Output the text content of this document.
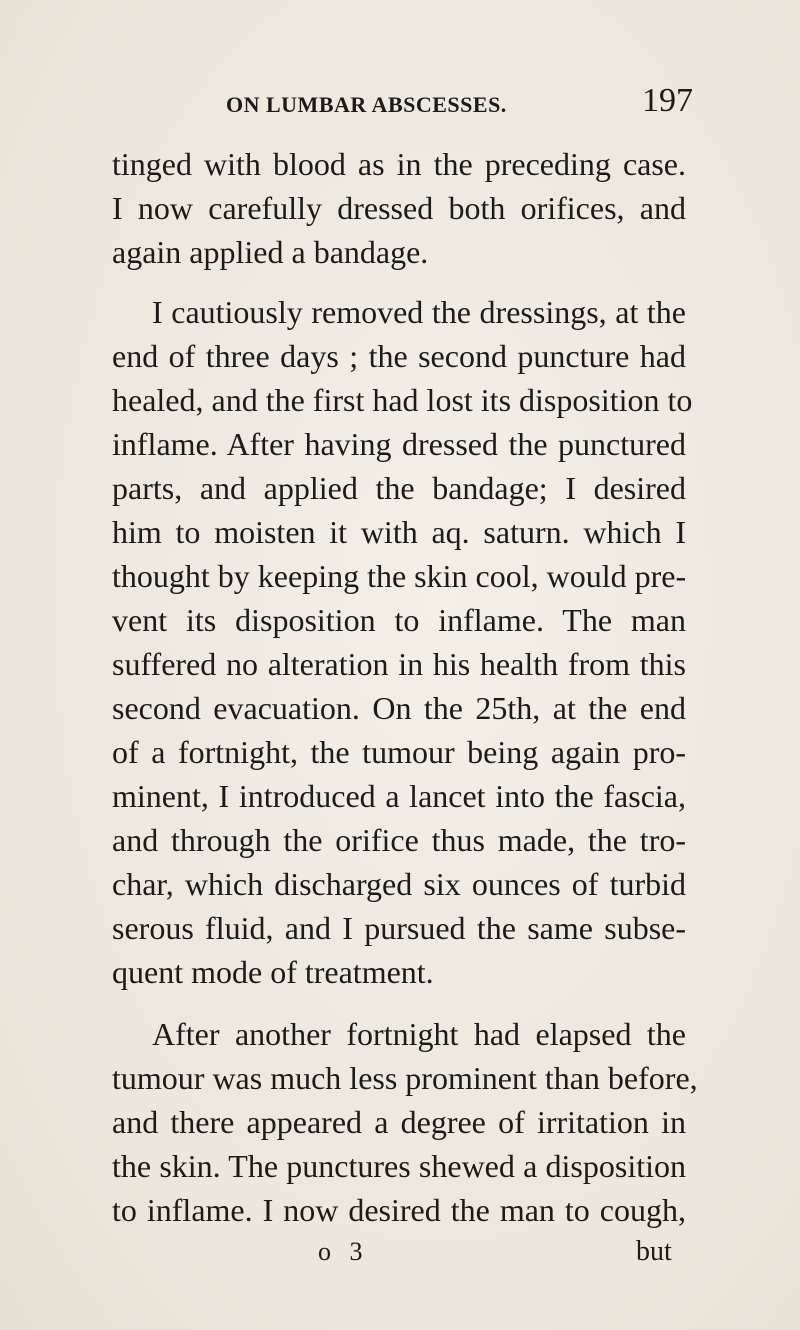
ON LUMBAR ABSCESSES.	197
tinged with blood as in the preceding case.
I now carefully dressed both orifices, and
again applied a bandage.
I cautiously removed the dressings, at the
end of three days ; the second puncture had
healed, and the first had lost its disposition to
inflame. After having dressed the punctured
parts, and applied the bandage; I desired
him to moisten it with aq. saturn. which I
thought by keeping the skin cool, would pre-
vent its disposition to inflame. The man
suffered no alteration in his health from this
second evacuation. On the 25th, at the end
of a fortnight, the tumour being again pro-
minent, I introduced a lancet into the fascia,
and through the orifice thus made, the tro-
char, which discharged six ounces of turbid
serous fluid, and I pursued the same subse-
quent mode of treatment.
After another fortnight had elapsed the
tumour was much less prominent than before,
and there appeared a degree of irritation in
the skin. The punctures shewed a disposition
to inflame. I now desired the man to cough,
o 3	but
